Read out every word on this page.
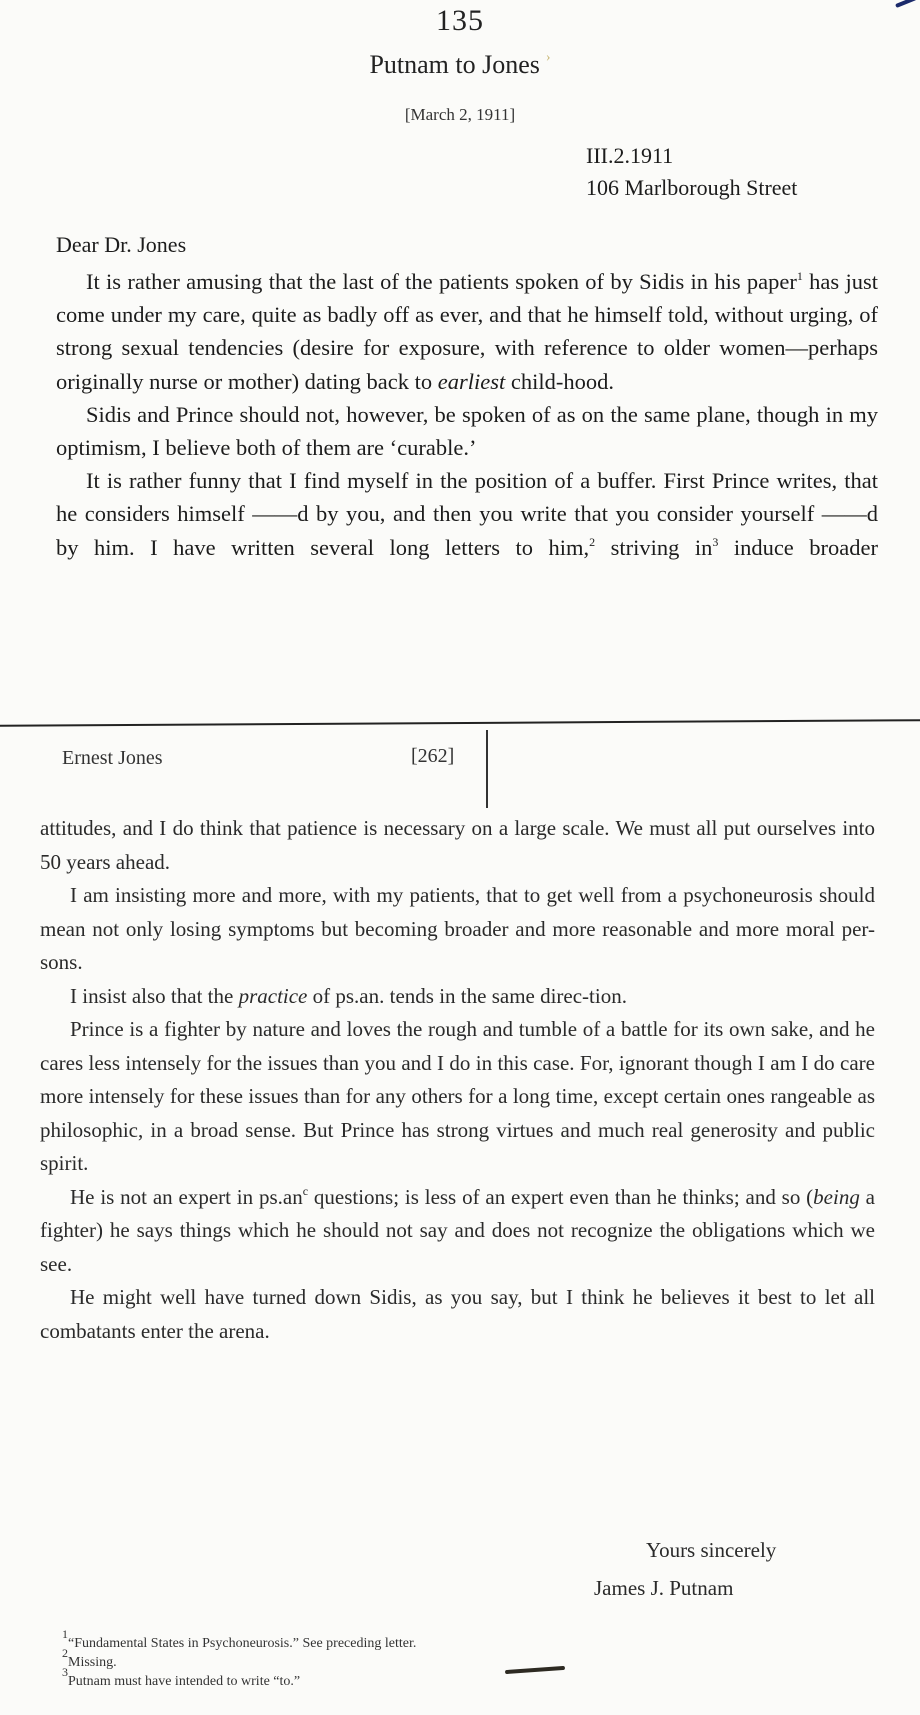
135
Putnam to Jones ›
[March 2, 1911]
III.2.1911
106 Marlborough Street
Dear Dr. Jones

It is rather amusing that the last of the patients spoken of by Sidis in his paper$^1$ has just come under my care, quite as badly off as ever, and that he himself told, without urging, of strong sexual tendencies (desire for exposure, with reference to older women—perhaps originally nurse or mother) dating back to earliest child-hood.

Sidis and Prince should not, however, be spoken of as on the same plane, though in my optimism, I believe both of them are ‘curable.’

It is rather funny that I find myself in the position of a buffer. First Prince writes, that he considers himself ——d by you, and then you write that you consider yourself ——d by him. I have written several long letters to him,$^2$ striving $in^3$ induce broader

Ernest Jones	[262]

attitudes, and I do think that patience is necessary on a large scale. We must all put ourselves into 50 years ahead.

I am insisting more and more, with my patients, that to get well from a psychoneurosis should mean not only losing symptoms but becoming broader and more reasonable and more moral per-sons.

I insist also that the practice of ps.an. tends in the same direc-tion.

Prince is a fighter by nature and loves the rough and tumble of a battle for its own sake, and he cares less intensely for the issues than you and I do in this case. For, ignorant though I am I do care more intensely for these issues than for any others for a long time, except certain ones rangeable as philosophic, in a broad sense. But Prince has strong virtues and much real generosity and public spirit.

He is not an expert in $ps.an^c$ questions; is less of an expert even than he thinks; and so (being a fighter) he says things which he should not say and does not recognize the obligations which we see.

He might well have turned down Sidis, as you say, but I think he believes it best to let all combatants enter the arena.

Yours sincerely
James J. Putnam
$^1$“Fundamental States in Psychoneurosis.” See preceding letter.
$^2$Missing.
$^3$Putnam must have intended to write “to.”
